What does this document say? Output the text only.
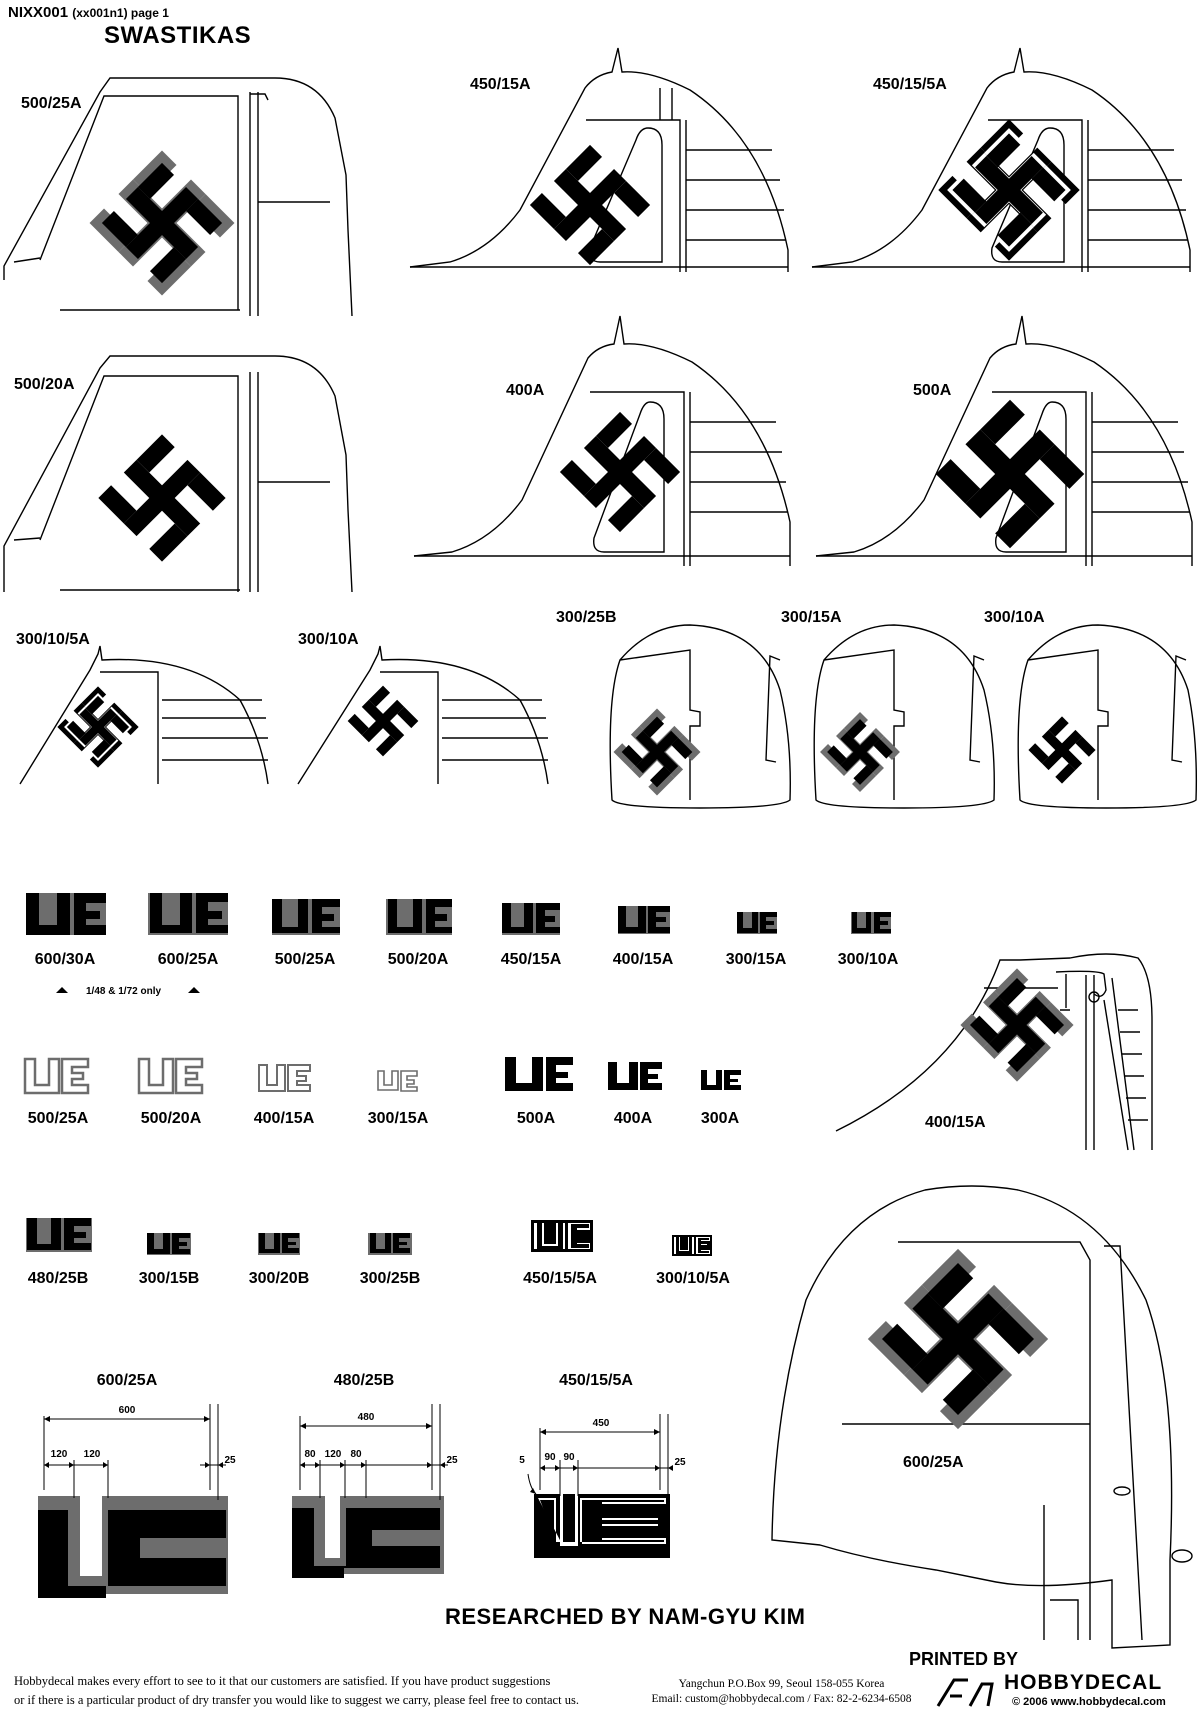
NIXX001 (xx001n1) page 1
SWASTIKAS
500/25A
450/15A	450/15/5A
500/20A	400A	500A
300/10/5A	300/10A
300/25B	300/15A	300/10A
400/15A
600/25A
600/30A	600/25A	500/25A	500/20A	450/15A	400/15A	300/15A	300/10A
1/48 & 1/72 only
500/25A	500/20A	400/15A	300/15A	500A	400A	300A
480/25B	300/15B	300/20B	300/25B	450/15/5A	300/10/5A
600/25A	480/25B	450/15/5A
RESEARCHED BY NAM-GYU KIM
PRINTED BY
Hobbydecal makes every effort to see to it that our customers are satisfied. If you have product suggestions
or if there is a particular product of dry transfer you would like to suggest we carry, please feel free to contact us.
Yangchun P.O.Box 99, Seoul 158-055 Korea
Email: custom@hobbydecal.com / Fax: 82-2-6234-6508
HOBBYDECAL
© 2006 www.hobbydecal.com
600
120 120
25
480
80 120 80
25
450
90 90	25
5
